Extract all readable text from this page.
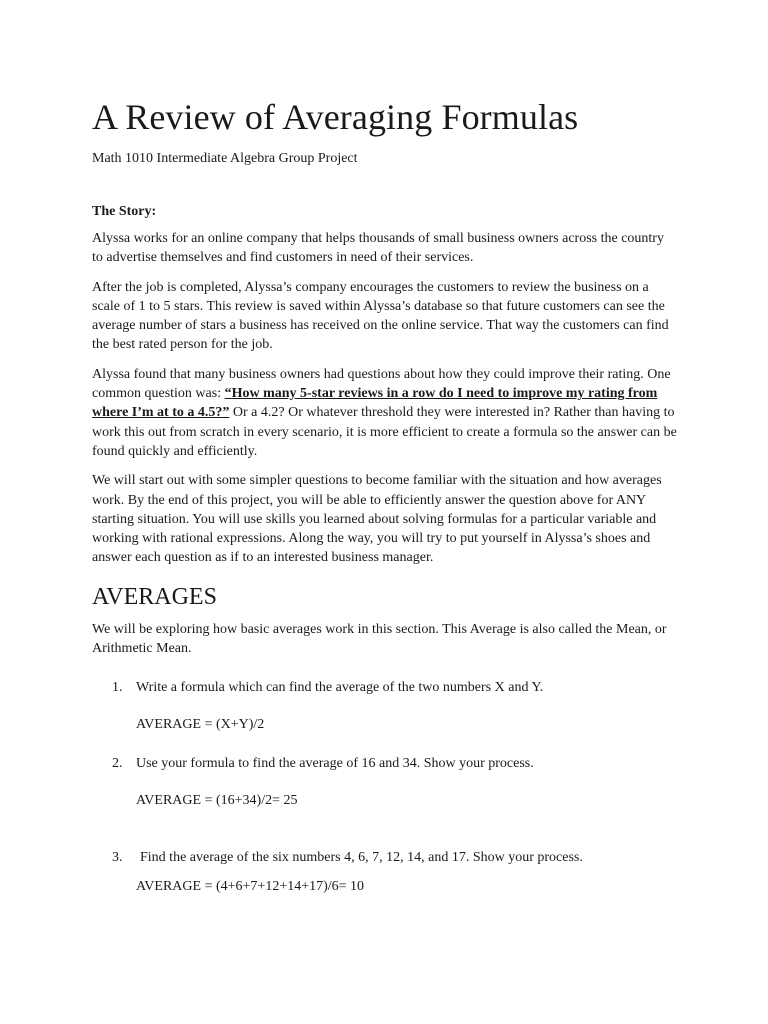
A Review of Averaging Formulas

Math 1010 Intermediate Algebra Group Project

The Story:

Alyssa works for an online company that helps thousands of small business owners across the country to advertise themselves and find customers in need of their services.

After the job is completed, Alyssa’s company encourages the customers to review the business on a scale of 1 to 5 stars. This review is saved within Alyssa’s database so that future customers can see the average number of stars a business has received on the online service. That way the customers can find the best rated person for the job.

Alyssa found that many business owners had questions about how they could improve their rating. One common question was: “How many 5-star reviews in a row do I need to improve my rating from where I’m at to a 4.5?” Or a 4.2? Or whatever threshold they were interested in? Rather than having to work this out from scratch in every scenario, it is more efficient to create a formula so the answer can be found quickly and efficiently.

We will start out with some simpler questions to become familiar with the situation and how averages work. By the end of this project, you will be able to efficiently answer the question above for ANY starting situation. You will use skills you learned about solving formulas for a particular variable and working with rational expressions. Along the way, you will try to put yourself in Alyssa’s shoes and answer each question as if to an interested business manager.

AVERAGES

We will be exploring how basic averages work in this section. This Average is also called the Mean, or Arithmetic Mean.

1. Write a formula which can find the average of the two numbers X and Y.
AVERAGE = (X+Y)/2
2. Use your formula to find the average of 16 and 34. Show your process.
AVERAGE = (16+34)/2= 25
3. Find the average of the six numbers 4, 6, 7, 12, 14, and 17. Show your process.
AVERAGE = (4+6+7+12+14+17)/6= 10
